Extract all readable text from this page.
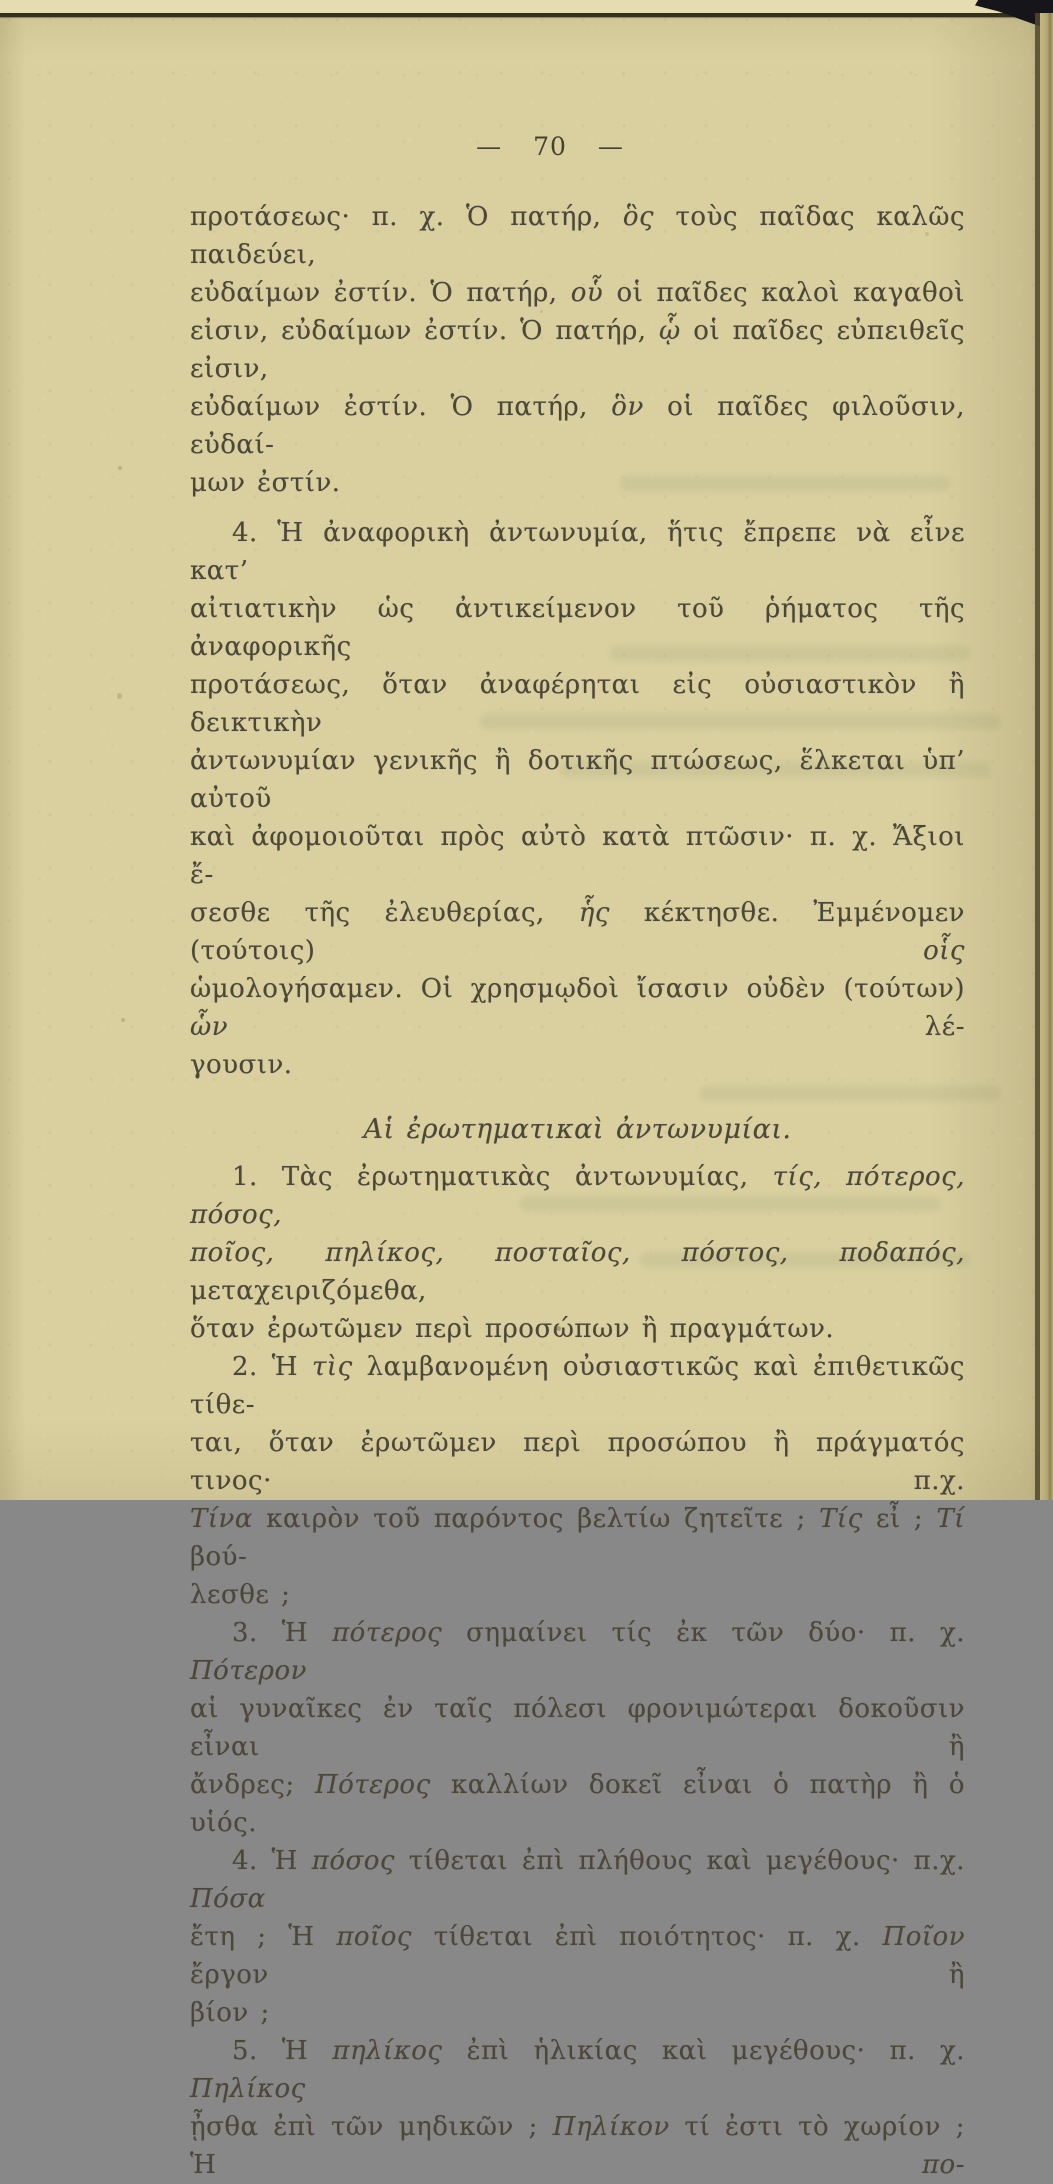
— 70 —
προτάσεως· π. χ. Ὁ πατήρ, ὃς τοὺς παῖδας καλῶς παιδεύει,
εὐδαίμων ἐστίν. Ὁ πατήρ, οὗ οἱ παῖδες καλοὶ καγαθοὶ
εἰσιν, εὐδαίμων ἐστίν. Ὁ πατήρ, ᾧ οἱ παῖδες εὐπειθεῖς εἰσιν,
εὐδαίμων ἐστίν. Ὁ πατήρ, ὃν οἱ παῖδες φιλοῦσιν, εὐδαί-
μων ἐστίν.
4. Ἡ ἀναφορικὴ ἀντωνυμία, ἥτις ἔπρεπε νὰ εἶνε κατ’
αἰτιατικὴν ὡς ἀντικείμενον τοῦ ῥήματος τῆς ἀναφορικῆς
προτάσεως, ὅταν ἀναφέρηται εἰς οὐσιαστικὸν ἢ δεικτικὴν
ἀντωνυμίαν γενικῆς ἢ δοτικῆς πτώσεως, ἕλκεται ὑπ’ αὐτοῦ
καὶ ἀφομοιοῦται πρὸς αὐτὸ κατὰ πτῶσιν· π. χ. Ἄξιοι ἔ-
σεσθε τῆς ἐλευθερίας, ἧς κέκτησθε. Ἐμμένομεν (τούτοις) οἷς
ὡμολογήσαμεν. Οἱ χρησμῳδοὶ ἴσασιν οὐδὲν (τούτων) ὧν λέ-
γουσιν.
Αἱ ἐρωτηματικαὶ ἀντωνυμίαι.
1. Τὰς ἐρωτηματικὰς ἀντωνυμίας, τίς, πότερος, πόσος,
ποῖος, πηλίκος, ποσταῖος, πόστος, ποδαπός, μεταχειριζόμεθα,
ὅταν ἐρωτῶμεν περὶ προσώπων ἢ πραγμάτων.
2. Ἡ τὶς λαμβανομένη οὐσιαστικῶς καὶ ἐπιθετικῶς τίθε-
ται, ὅταν ἐρωτῶμεν περὶ προσώπου ἢ πράγματός τινος· π.χ.
Τίνα καιρὸν τοῦ παρόντος βελτίω ζητεῖτε ; Τίς εἶ ; Τί βού-
λεσθε ;
3. Ἡ πότερος σημαίνει τίς ἐκ τῶν δύο· π. χ. Πότερον
αἱ γυναῖκες ἐν ταῖς πόλεσι φρονιμώτεραι δοκοῦσιν εἶναι ἢ
ἄνδρες; Πότερος καλλίων δοκεῖ εἶναι ὁ πατὴρ ἢ ὁ υἱός.
4. Ἡ πόσος τίθεται ἐπὶ πλήθους καὶ μεγέθους· π.χ. Πόσα
ἔτη ; Ἡ ποῖος τίθεται ἐπὶ ποιότητος· π. χ. Ποῖον ἔργον ἢ
βίον ;
5. Ἡ πηλίκος ἐπὶ ἡλικίας καὶ μεγέθους· π. χ. Πηλίκος
ᾖσθα ἐπὶ τῶν μηδικῶν ; Πηλίκον τί ἐστι τὸ χωρίον ; Ἡ πο-
